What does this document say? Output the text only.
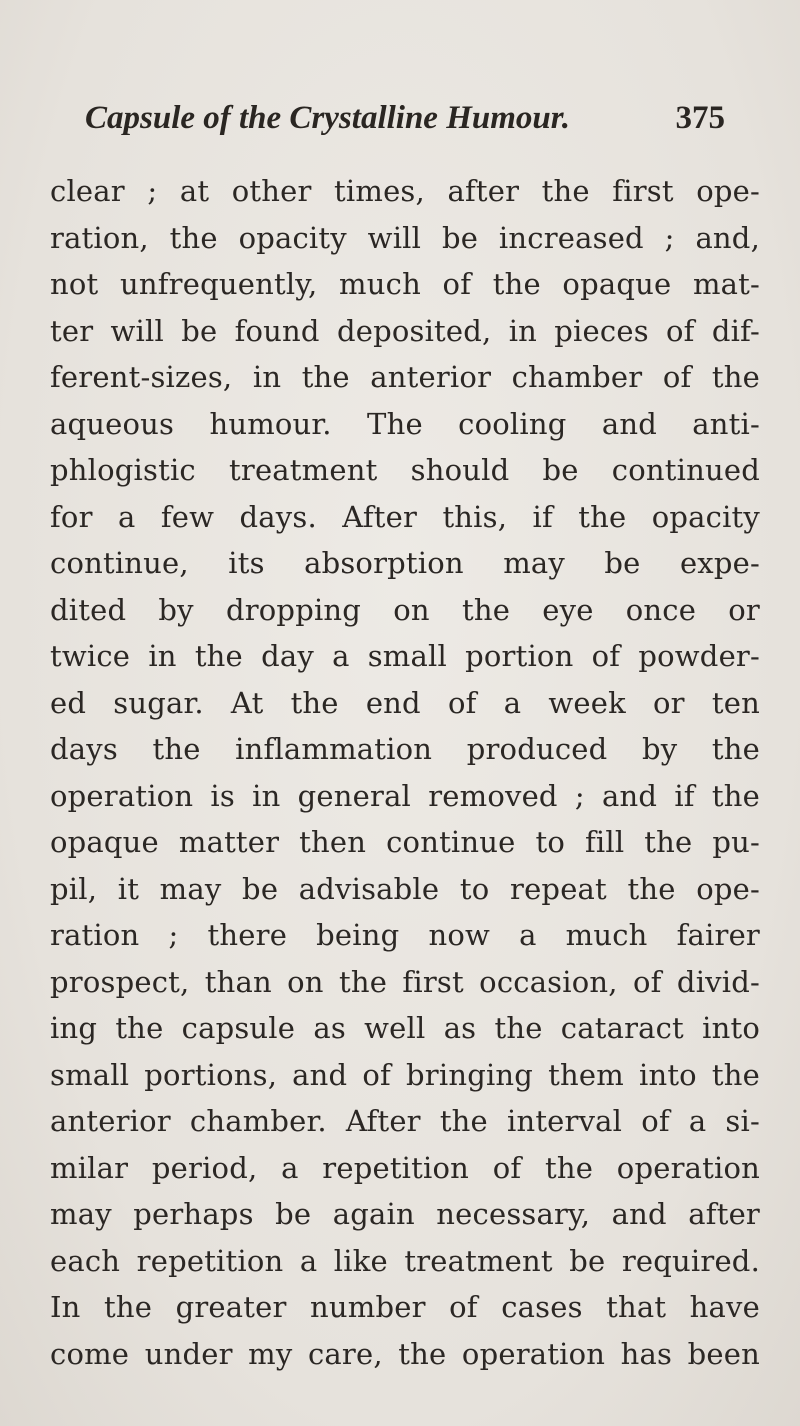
Capsule of the Crystalline Humour.	375
clear ; at other times, after the first ope-
ration, the opacity will be increased ; and,
not unfrequently, much of the opaque mat-
ter will be found deposited, in pieces of dif-
ferent-sizes, in the anterior chamber of the
aqueous humour. The cooling and anti-
phlogistic treatment should be continued
for a few days. After this, if the opacity
continue, its absorption may be expe-
dited by dropping on the eye once or
twice in the day a small portion of powder-
ed sugar. At the end of a week or ten
days the inflammation produced by the
operation is in general removed ; and if the
opaque matter then continue to fill the pu-
pil, it may be advisable to repeat the ope-
ration ; there being now a much fairer
prospect, than on the first occasion, of divid-
ing the capsule as well as the cataract into
small portions, and of bringing them into the
anterior chamber. After the interval of a si-
milar period, a repetition of the operation
may perhaps be again necessary, and after
each repetition a like treatment be required.
In the greater number of cases that have
come under my care, the operation has been
